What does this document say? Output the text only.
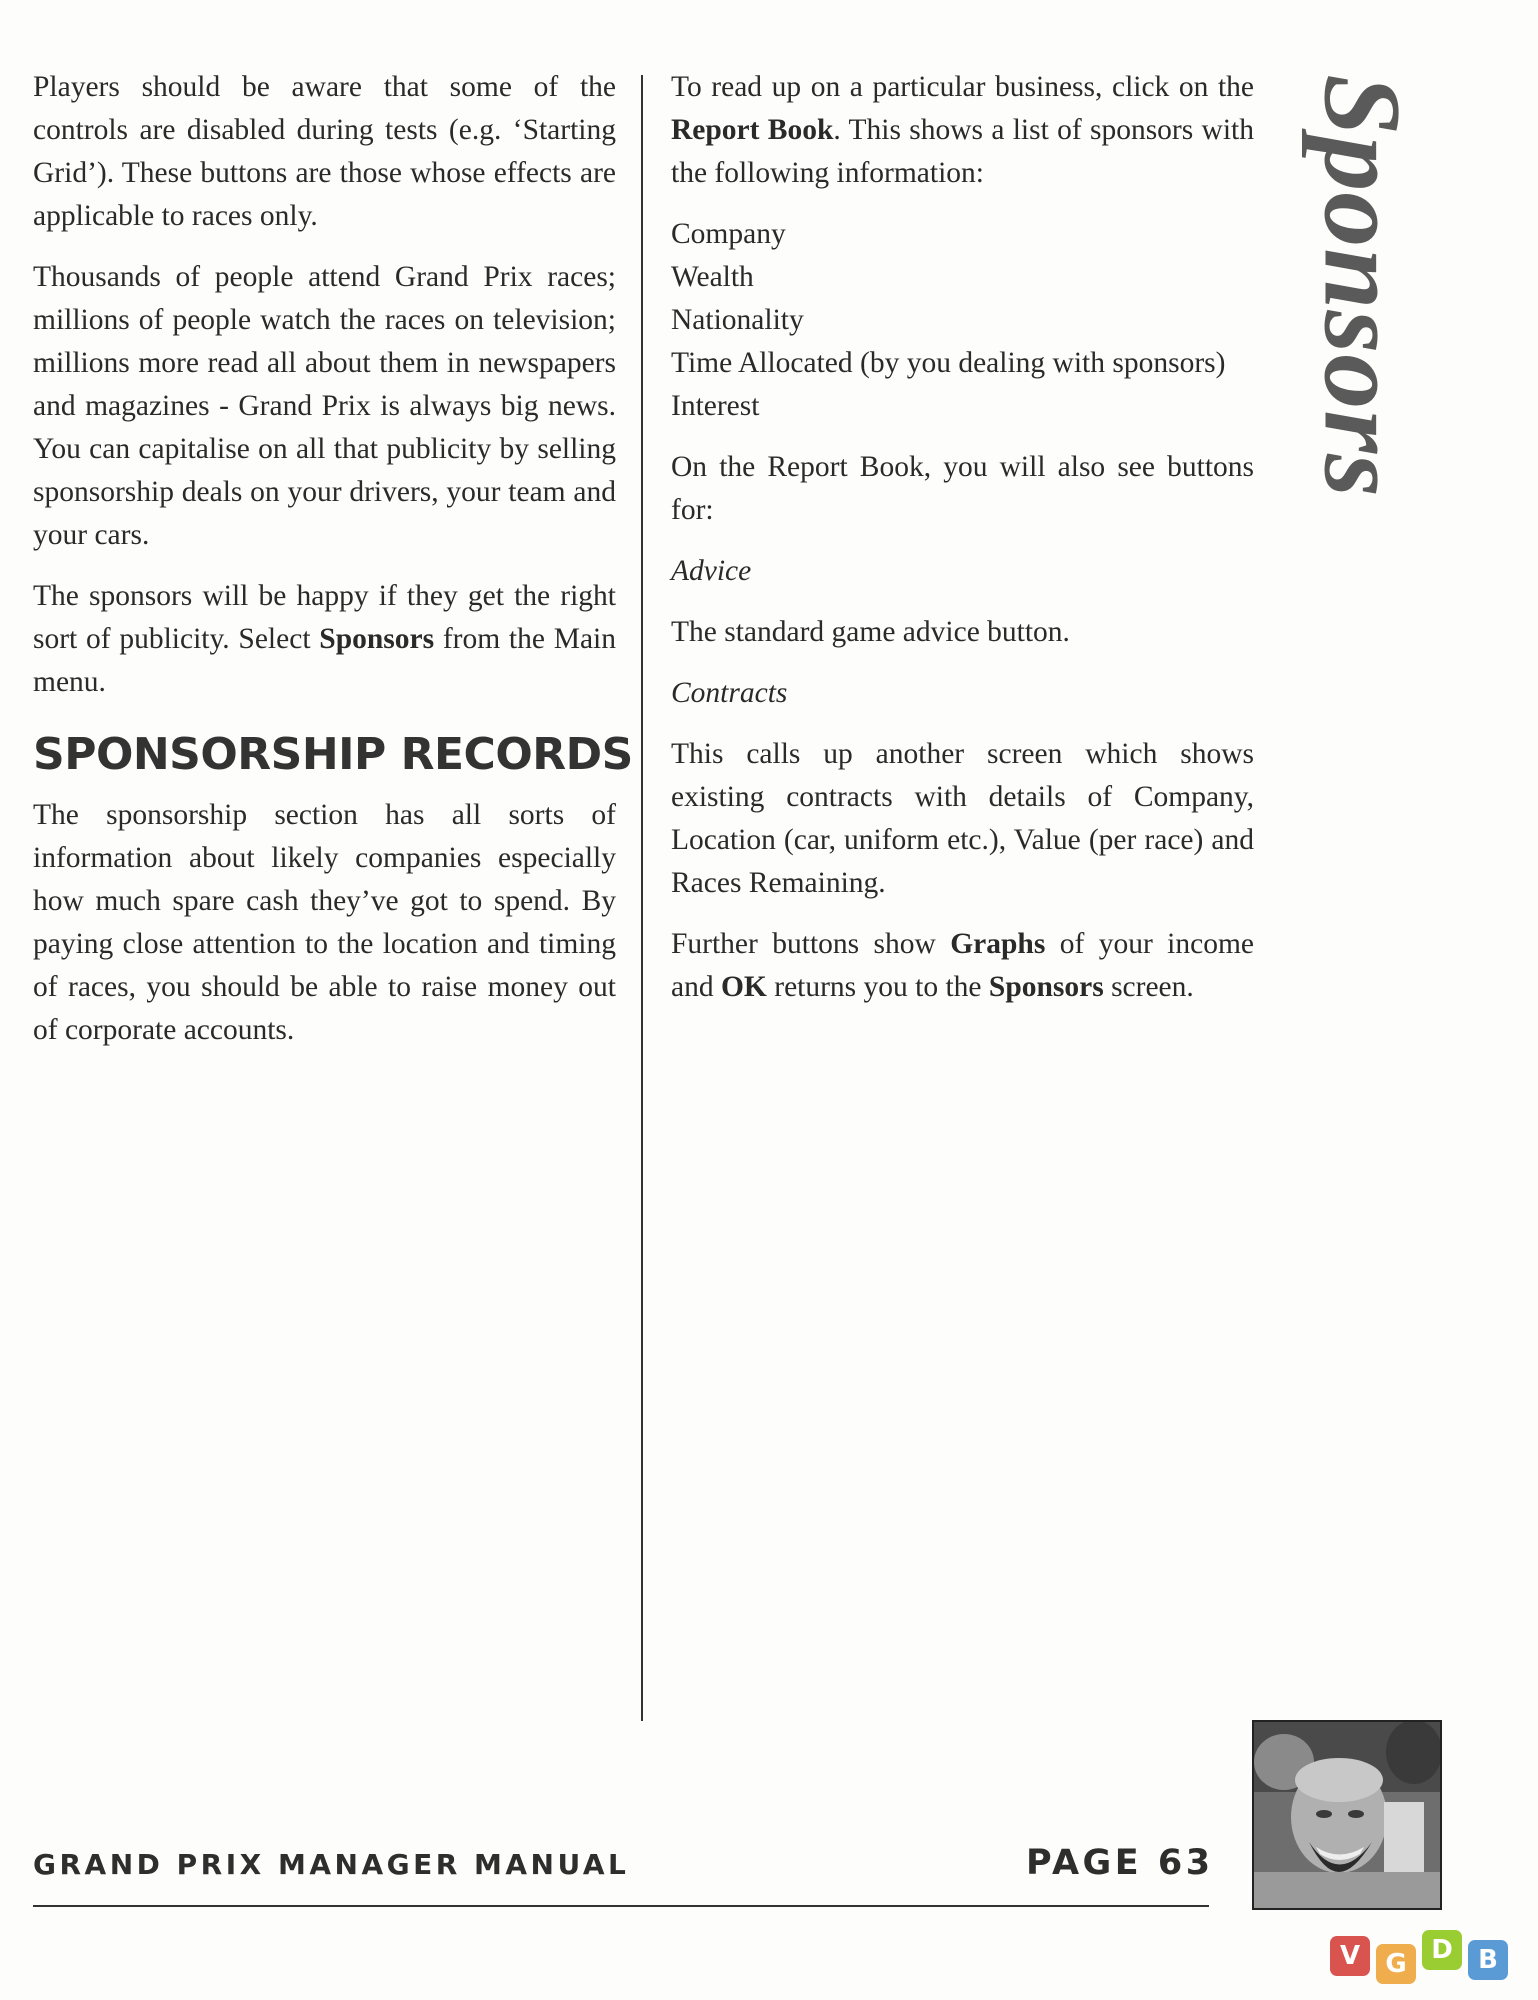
Players should be aware that some of the controls are disabled during tests (e.g. ‘Starting Grid’). These buttons are those whose effects are applicable to races only.

Thousands of people attend Grand Prix races; millions of people watch the races on television; millions more read all about them in newspapers and magazines - Grand Prix is always big news. You can capitalise on all that publicity by selling sponsorship deals on your drivers, your team and your cars.

The sponsors will be happy if they get the right sort of publicity. Select Sponsors from the Main menu.

SPONSORSHIP RECORDS

The sponsorship section has all sorts of information about likely companies especially how much spare cash they’ve got to spend. By paying close attention to the location and timing of races, you should be able to raise money out of corporate accounts.

To read up on a particular business, click on the Report Book. This shows a list of sponsors with the following information:

Company
Wealth
Nationality
Time Allocated (by you dealing with sponsors)
Interest

On the Report Book, you will also see buttons for:

Advice

The standard game advice button.

Contracts

This calls up another screen which shows existing contracts with details of Company, Location (car, uniform etc.), Value (per race) and Races Remaining.

Further buttons show Graphs of your income and OK returns you to the Sponsors screen.

Sponsors
GRAND PRIX MANAGER MANUAL	PAGE 63
V G D B
